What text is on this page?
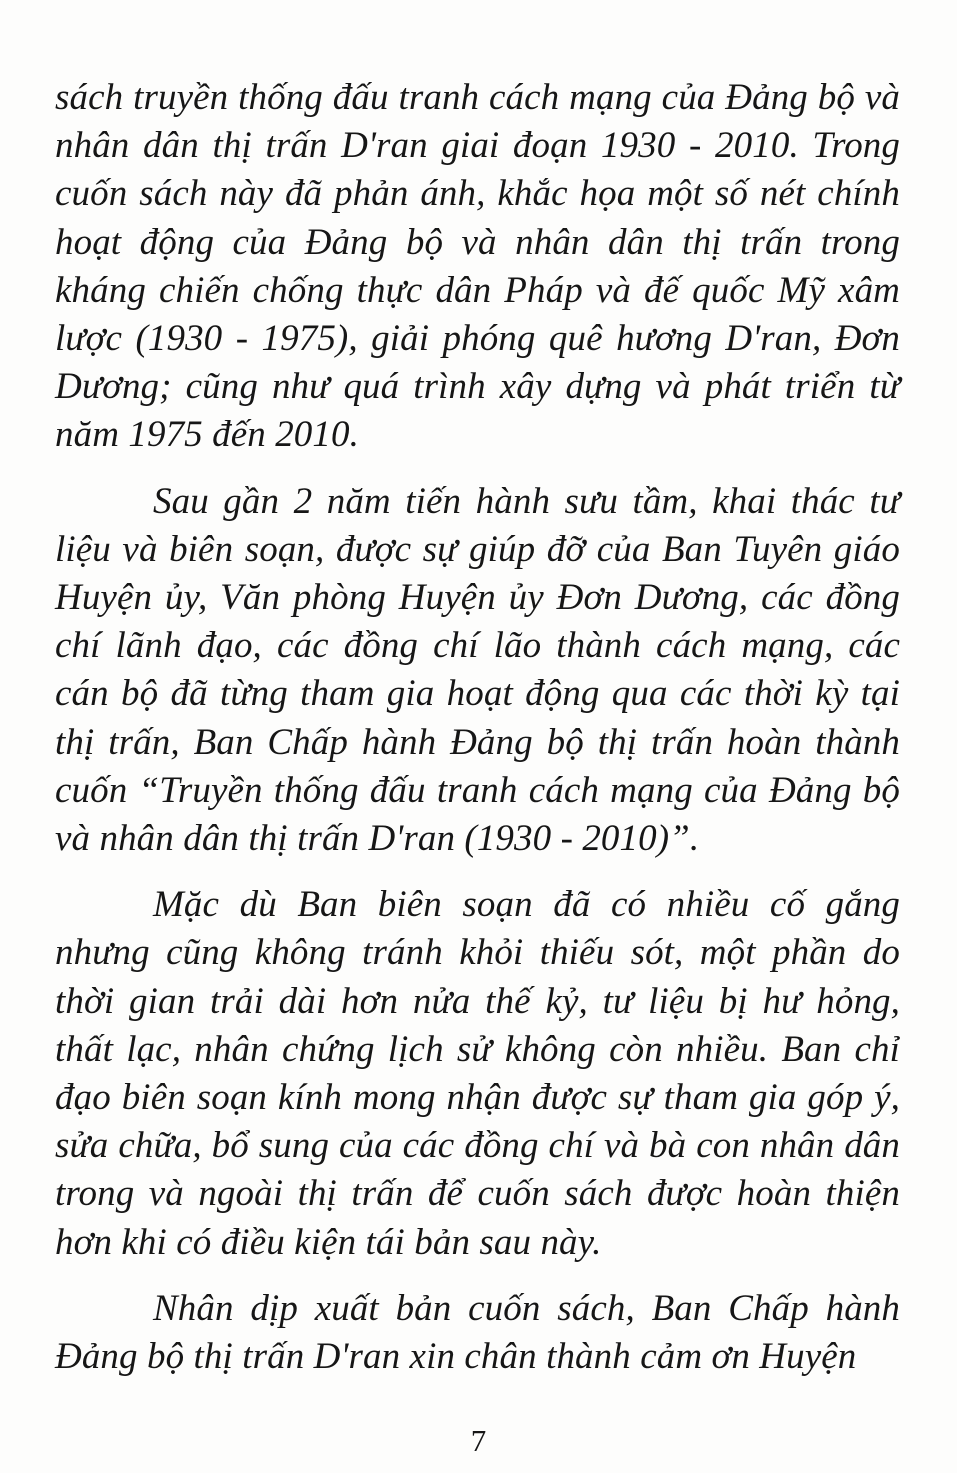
sách truyền thống đấu tranh cách mạng của Đảng bộ và nhân dân thị trấn D'ran giai đoạn 1930 - 2010. Trong cuốn sách này đã phản ánh, khắc họa một số nét chính hoạt động của Đảng bộ và nhân dân thị trấn trong kháng chiến chống thực dân Pháp và đế quốc Mỹ xâm lược (1930 - 1975), giải phóng quê hương D'ran, Đơn Dương; cũng như quá trình xây dựng và phát triển từ năm 1975 đến 2010.

Sau gần 2 năm tiến hành sưu tầm, khai thác tư liệu và biên soạn, được sự giúp đỡ của Ban Tuyên giáo Huyện ủy, Văn phòng Huyện ủy Đơn Dương, các đồng chí lãnh đạo, các đồng chí lão thành cách mạng, các cán bộ đã từng tham gia hoạt động qua các thời kỳ tại thị trấn, Ban Chấp hành Đảng bộ thị trấn hoàn thành cuốn “Truyền thống đấu tranh cách mạng của Đảng bộ và nhân dân thị trấn D'ran (1930 - 2010)”.

Mặc dù Ban biên soạn đã có nhiều cố gắng nhưng cũng không tránh khỏi thiếu sót, một phần do thời gian trải dài hơn nửa thế kỷ, tư liệu bị hư hỏng, thất lạc, nhân chứng lịch sử không còn nhiều. Ban chỉ đạo biên soạn kính mong nhận được sự tham gia góp ý, sửa chữa, bổ sung của các đồng chí và bà con nhân dân trong và ngoài thị trấn để cuốn sách được hoàn thiện hơn khi có điều kiện tái bản sau này.

Nhân dịp xuất bản cuốn sách, Ban Chấp hành Đảng bộ thị trấn D'ran xin chân thành cảm ơn Huyện

7
